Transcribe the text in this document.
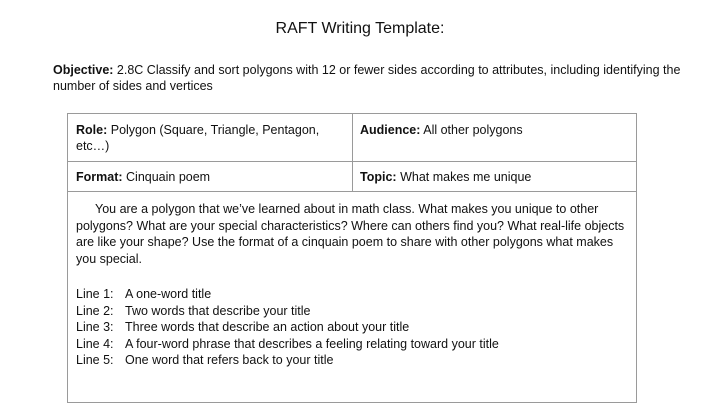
RAFT Writing Template:
Objective: 2.8C Classify and sort polygons with 12 or fewer sides according to attributes, including identifying the number of sides and vertices
Role: Polygon (Square, Triangle, Pentagon, etc…)
Audience: All other polygons
Format: Cinquain poem	Topic: What makes me unique

You are a polygon that we’ve learned about in math class. What makes you unique to other polygons? What are your special characteristics? Where can others find you? What real-life objects are like your shape? Use the format of a cinquain poem to share with other polygons what makes you special.

Line 1: A one-word title
Line 2: Two words that describe your title
Line 3: Three words that describe an action about your title
Line 4: A four-word phrase that describes a feeling relating toward your title
Line 5: One word that refers back to your title
